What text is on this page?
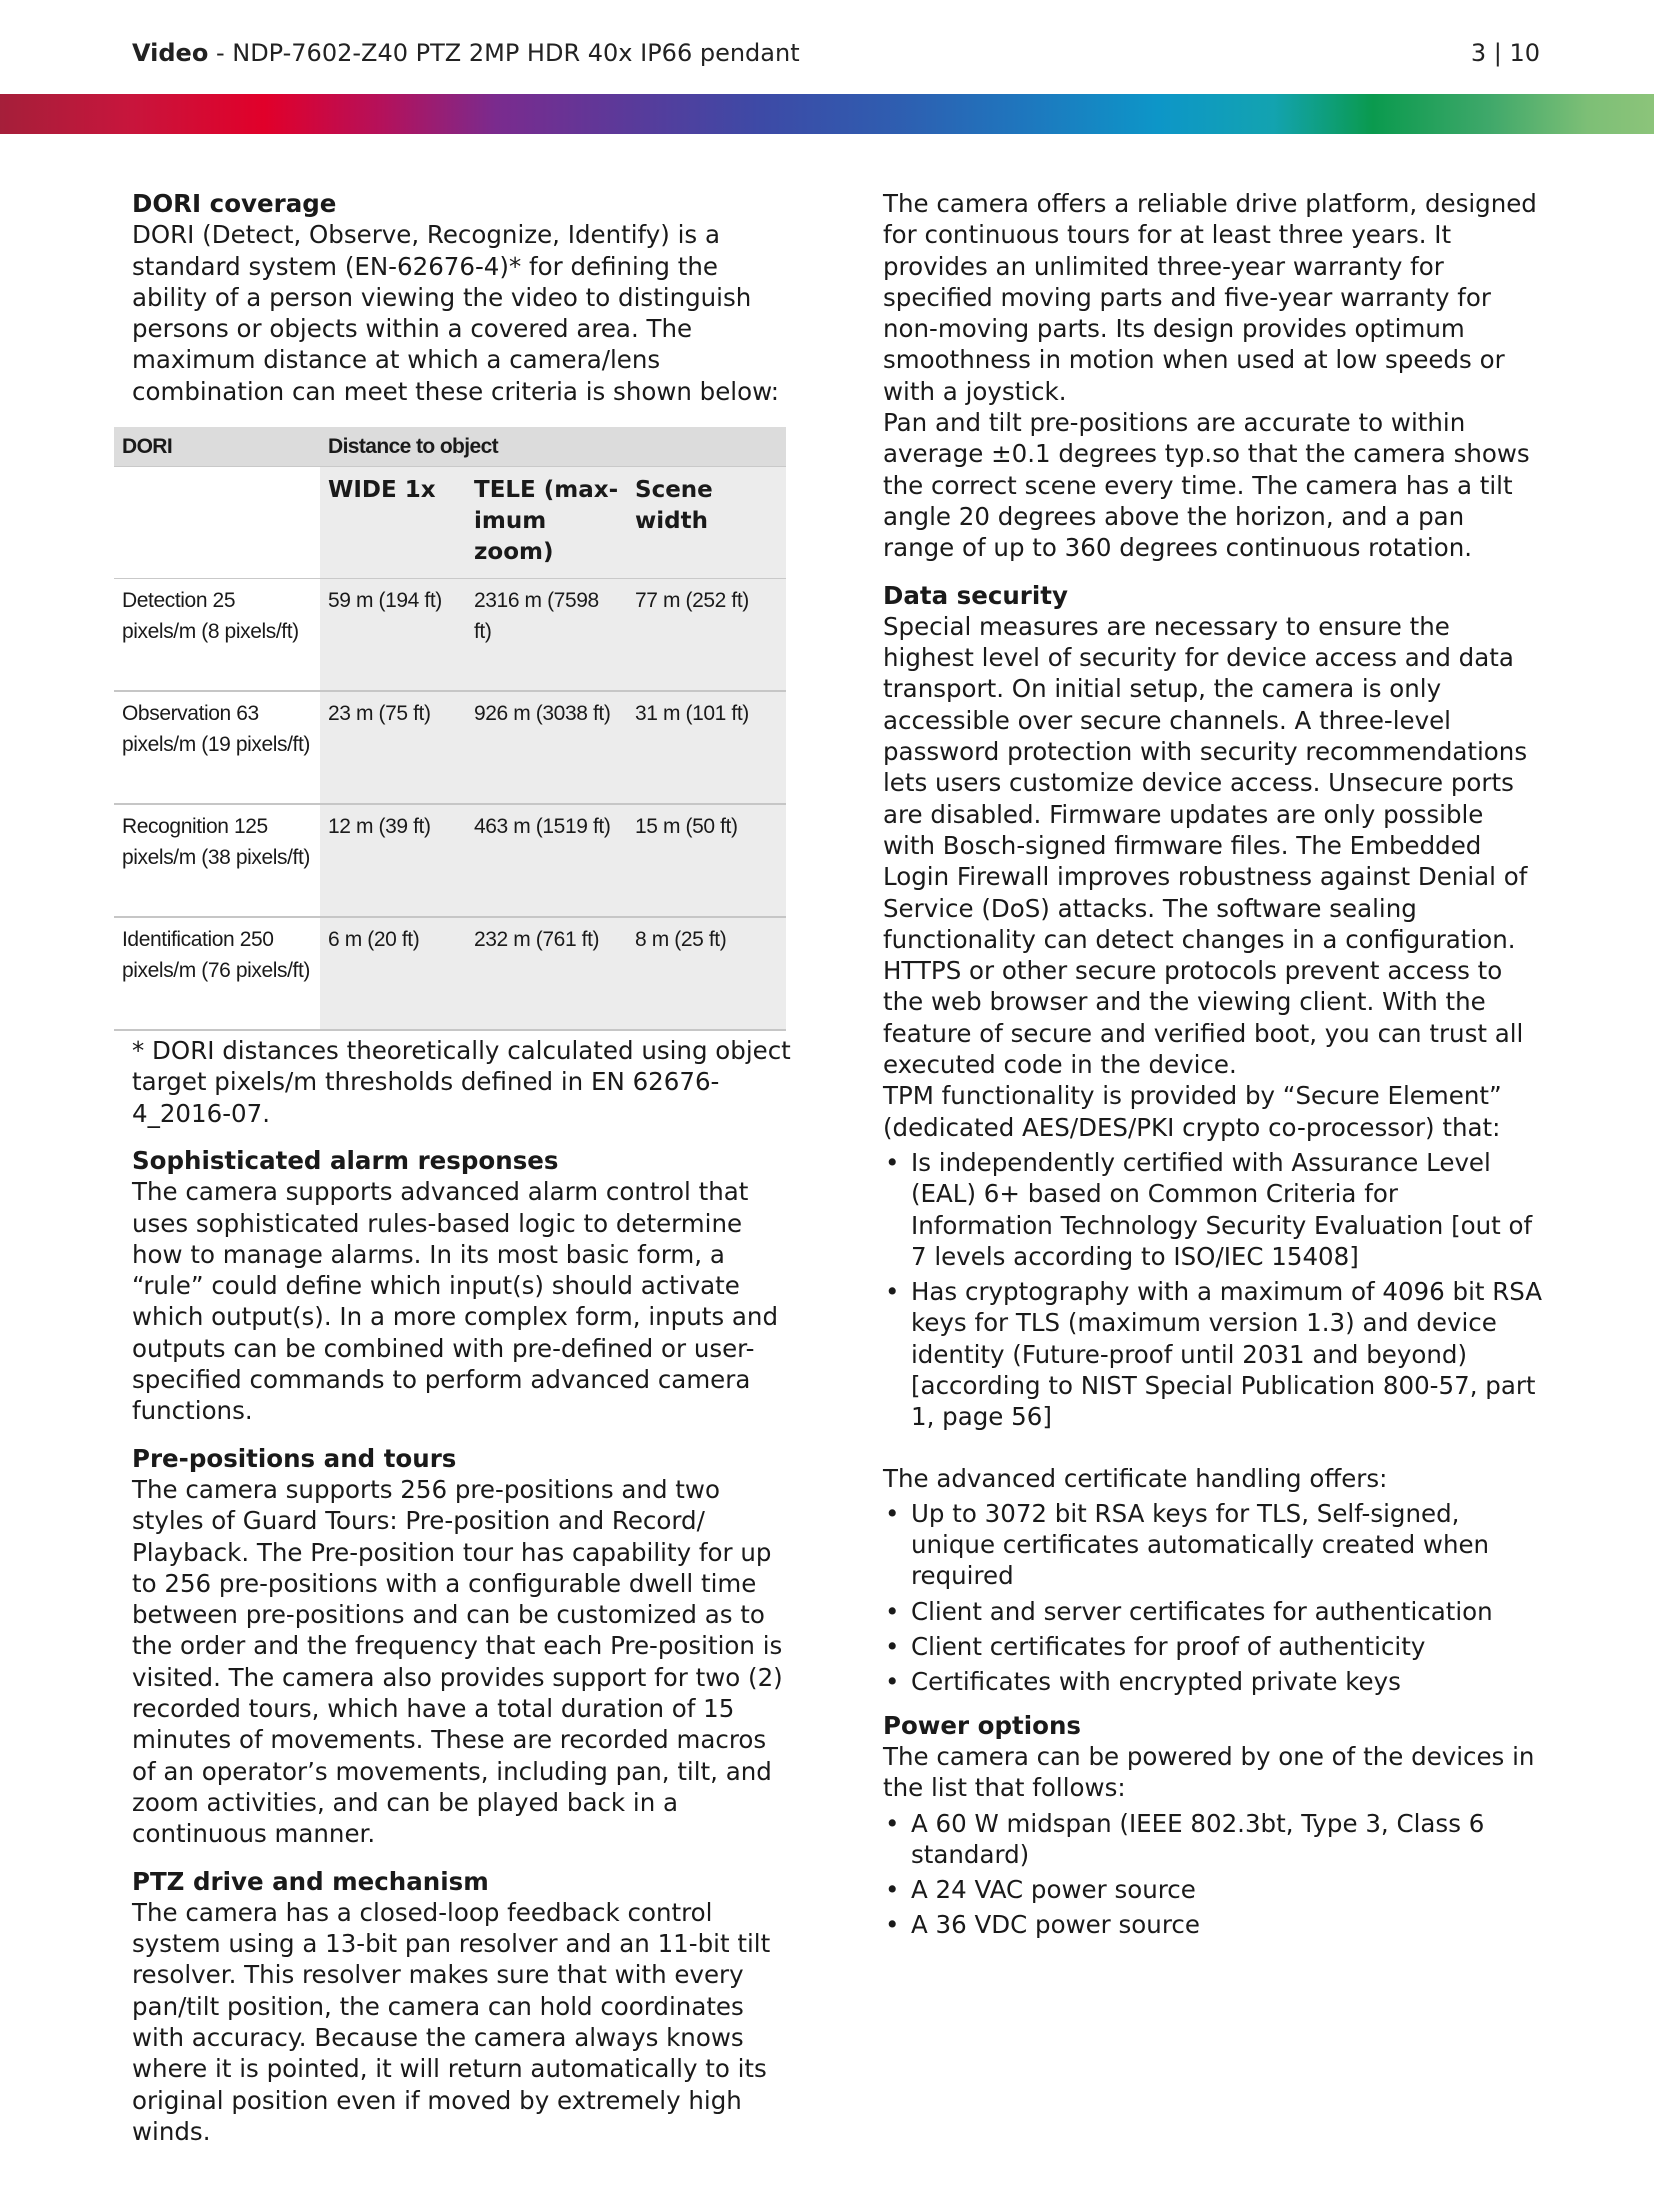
Video - NDP-7602-Z40 PTZ 2MP HDR 40x IP66 pendant	3 | 10

DORI coverage

DORI (Detect, Observe, Recognize, Identify) is a standard system (EN-62676-4)* for defining the ability of a person viewing the video to distinguish persons or objects within a covered area. The maximum distance at which a camera/lens combination can meet these criteria is shown below:

DORI	Distance to object		
	WIDE 1x	TELE (max-imum zoom)	Scene width
Detection 25 pixels/m (8 pixels/ft)	59 m (194 ft)	2316 m (7598 ft)	77 m (252 ft)
Observation 63 pixels/m (19 pixels/ft)	23 m (75 ft)	926 m (3038 ft)	31 m (101 ft)
Recognition 125 pixels/m (38 pixels/ft)	12 m (39 ft)	463 m (1519 ft)	15 m (50 ft)
Identification 250 pixels/m (76 pixels/ft)	6 m (20 ft)	232 m (761 ft)	8 m (25 ft)

* DORI distances theoretically calculated using object target pixels/m thresholds defined in EN 62676-4_2016-07.

Sophisticated alarm responses

The camera supports advanced alarm control that uses sophisticated rules-based logic to determine how to manage alarms. In its most basic form, a “rule” could define which input(s) should activate which output(s). In a more complex form, inputs and outputs can be combined with pre-defined or user-specified commands to perform advanced camera functions.

Pre-positions and tours

The camera supports 256 pre-positions and two styles of Guard Tours: Pre-position and Record/ Playback. The Pre-position tour has capability for up to 256 pre-positions with a configurable dwell time between pre-positions and can be customized as to the order and the frequency that each Pre-position is visited. The camera also provides support for two (2) recorded tours, which have a total duration of 15 minutes of movements. These are recorded macros of an operator’s movements, including pan, tilt, and zoom activities, and can be played back in a continuous manner.

PTZ drive and mechanism

The camera has a closed-loop feedback control system using a 13-bit pan resolver and an 11-bit tilt resolver. This resolver makes sure that with every pan/tilt position, the camera can hold coordinates with accuracy. Because the camera always knows where it is pointed, it will return automatically to its original position even if moved by extremely high winds.

The camera offers a reliable drive platform, designed for continuous tours for at least three years. It provides an unlimited three-year warranty for specified moving parts and five-year warranty for non-moving parts. Its design provides optimum smoothness in motion when used at low speeds or with a joystick.

Pan and tilt pre-positions are accurate to within average ±0.1 degrees typ.so that the camera shows the correct scene every time. The camera has a tilt angle 20 degrees above the horizon, and a pan range of up to 360 degrees continuous rotation.

Data security

Special measures are necessary to ensure the highest level of security for device access and data transport. On initial setup, the camera is only accessible over secure channels. A three-level password protection with security recommendations lets users customize device access. Unsecure ports are disabled. Firmware updates are only possible with Bosch-signed firmware files. The Embedded Login Firewall improves robustness against Denial of Service (DoS) attacks. The software sealing functionality can detect changes in a configuration. HTTPS or other secure protocols prevent access to the web browser and the viewing client. With the feature of secure and verified boot, you can trust all executed code in the device.

TPM functionality is provided by “Secure Element” (dedicated AES/DES/PKI crypto co-processor) that:

• Is independently certified with Assurance Level (EAL) 6+ based on Common Criteria for Information Technology Security Evaluation [out of 7 levels according to ISO/IEC 15408]
• Has cryptography with a maximum of 4096 bit RSA keys for TLS (maximum version 1.3) and device identity (Future-proof until 2031 and beyond) [according to NIST Special Publication 800-57, part 1, page 56]

The advanced certificate handling offers:

• Up to 3072 bit RSA keys for TLS, Self-signed, unique certificates automatically created when required
• Client and server certificates for authentication
• Client certificates for proof of authenticity
• Certificates with encrypted private keys

Power options

The camera can be powered by one of the devices in the list that follows:

• A 60 W midspan (IEEE 802.3bt, Type 3, Class 6 standard)
• A 24 VAC power source
• A 36 VDC power source
